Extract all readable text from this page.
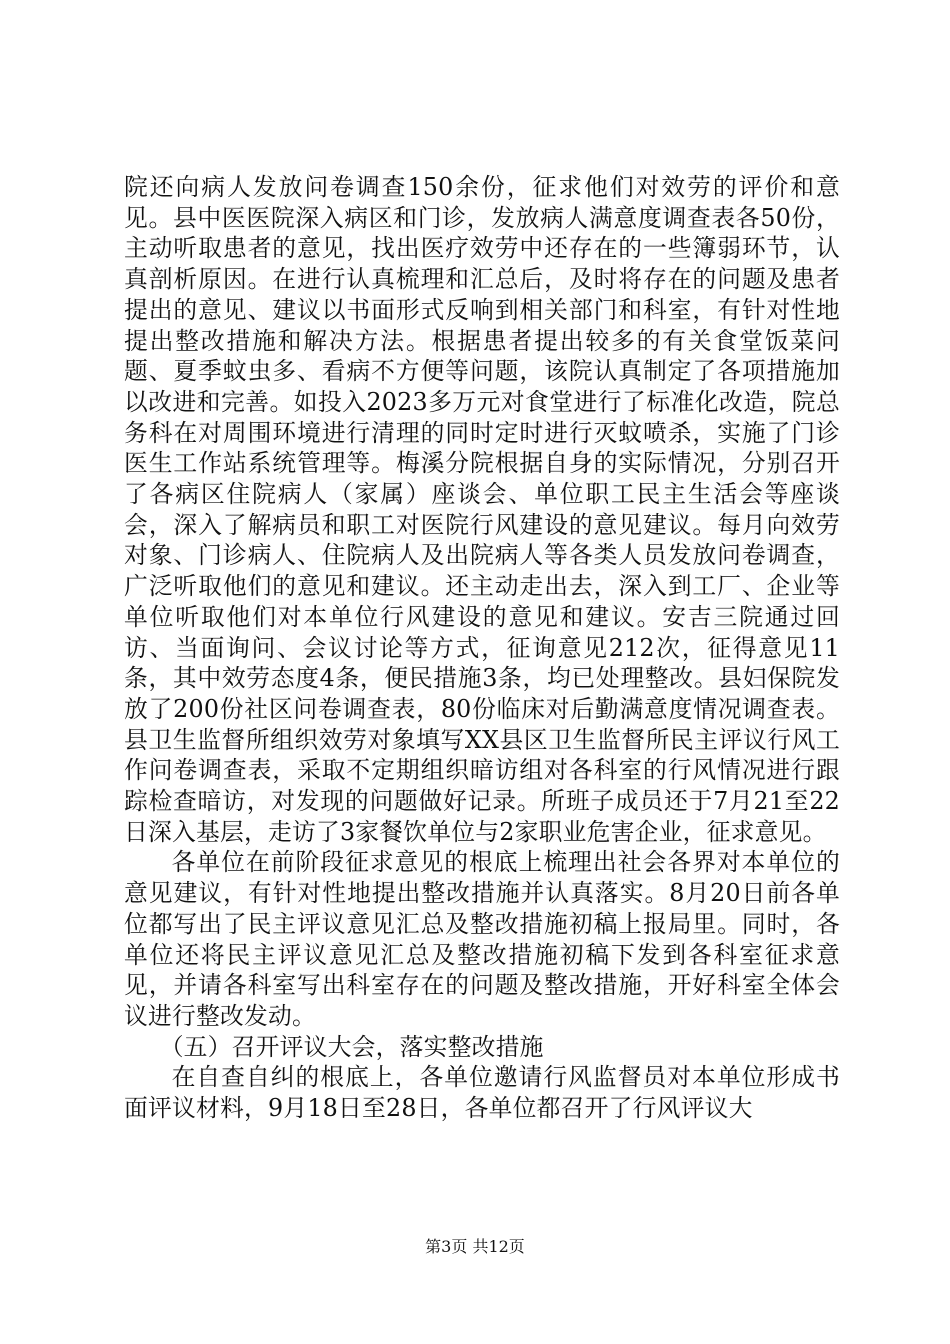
院还向病人发放问卷调查150余份，征求他们对效劳的评价和意见。县中医医院深入病区和门诊，发放病人满意度调查表各50份，主动听取患者的意见，找出医疗效劳中还存在的一些簿弱环节，认真剖析原因。在进行认真梳理和汇总后，及时将存在的问题及患者提出的意见、建议以书面形式反响到相关部门和科室，有针对性地提出整改措施和解决方法。根据患者提出较多的有关食堂饭菜问题、夏季蚊虫多、看病不方便等问题，该院认真制定了各项措施加以改进和完善。如投入2023多万元对食堂进行了标准化改造，院总务科在对周围环境进行清理的同时定时进行灭蚊喷杀，实施了门诊医生工作站系统管理等。梅溪分院根据自身的实际情况，分别召开了各病区住院病人（家属）座谈会、单位职工民主生活会等座谈会，深入了解病员和职工对医院行风建设的意见建议。每月向效劳对象、门诊病人、住院病人及出院病人等各类人员发放问卷调查，广泛听取他们的意见和建议。还主动走出去，深入到工厂、企业等单位听取他们对本单位行风建设的意见和建议。安吉三院通过回访、当面询问、会议讨论等方式，征询意见212次，征得意见11条，其中效劳态度4条，便民措施3条，均已处理整改。县妇保院发放了200份社区问卷调查表，80份临床对后勤满意度情况调查表。县卫生监督所组织效劳对象填写XX县区卫生监督所民主评议行风工作问卷调查表，采取不定期组织暗访组对各科室的行风情况进行跟踪检查暗访，对发现的问题做好记录。所班子成员还于7月21至22日深入基层，走访了3家餐饮单位与2家职业危害企业，征求意见。

各单位在前阶段征求意见的根底上梳理出社会各界对本单位的意见建议，有针对性地提出整改措施并认真落实。8月20日前各单位都写出了民主评议意见汇总及整改措施初稿上报局里。同时，各单位还将民主评议意见汇总及整改措施初稿下发到各科室征求意见，并请各科室写出科室存在的问题及整改措施，开好科室全体会议进行整改发动。

（五）召开评议大会，落实整改措施

在自查自纠的根底上，各单位邀请行风监督员对本单位形成书面评议材料，9月18日至28日，各单位都召开了行风评议大

第3页 共12页
